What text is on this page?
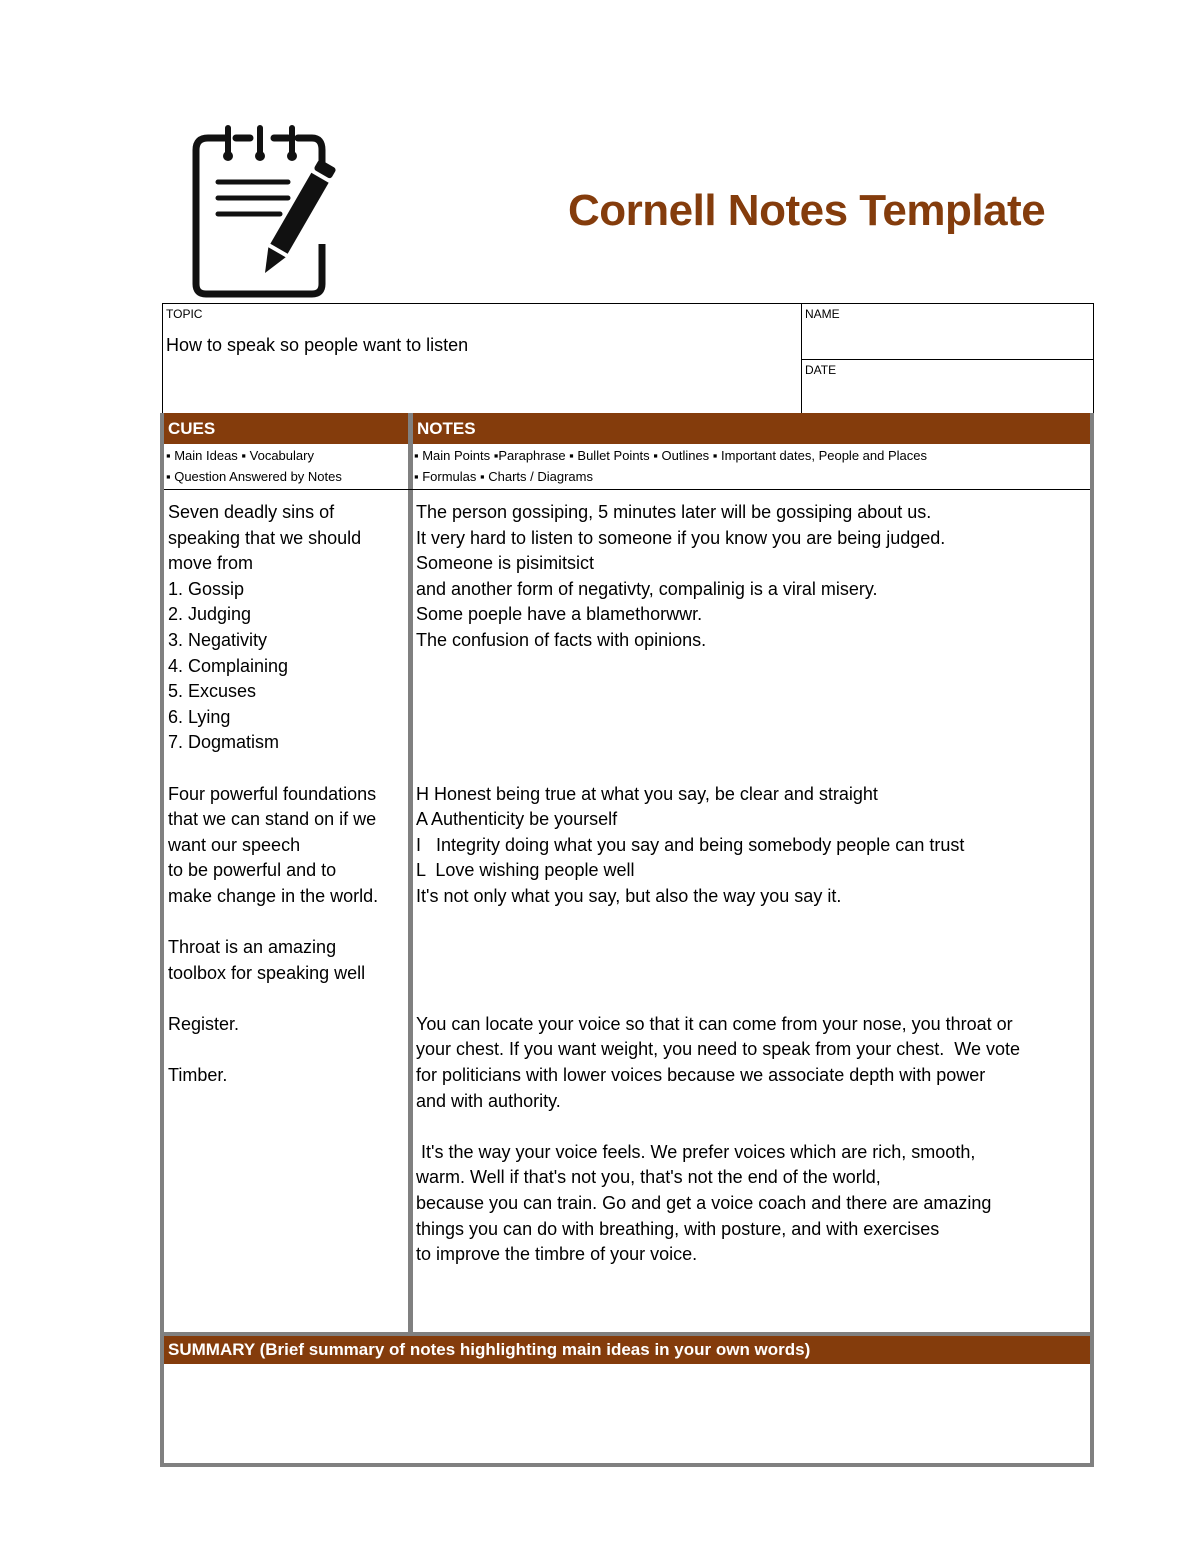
Cornell Notes Template
TOPIC
How to speak so people want to listen
NAME
DATE
CUES	NOTES
▪ Main Ideas ▪ Vocabulary
▪ Question Answered by Notes
▪ Main Points ▪Paraphrase ▪ Bullet Points ▪ Outlines ▪ Important dates, People and Places
▪ Formulas ▪ Charts / Diagrams
Seven deadly sins of
speaking that we should
move from
1. Gossip
2. Judging
3. Negativity
4. Complaining
5. Excuses
6. Lying
7. Dogmatism
Four powerful foundations
that we can stand on if we
want our speech
to be powerful and to
make change in the world.
Throat is an amazing
toolbox for speaking well
Register.
Timber.
The person gossiping, 5 minutes later will be gossiping about us.
It very hard to listen to someone if you know you are being judged.
Someone is pisimitsict
and another form of negativty, compalinig is a viral misery.
Some poeple have a blamethorwwr.
The confusion of facts with opinions.
H Honest being true at what you say, be clear and straight
A Authenticity be yourself
I   Integrity doing what you say and being somebody people can trust
L  Love wishing people well
It's not only what you say, but also the way you say it.
You can locate your voice so that it can come from your nose, you throat or
your chest. If you want weight, you need to speak from your chest.  We vote
for politicians with lower voices because we associate depth with power
and with authority.
It's the way your voice feels. We prefer voices which are rich, smooth,
warm. Well if that's not you, that's not the end of the world,
because you can train. Go and get a voice coach and there are amazing
things you can do with breathing, with posture, and with exercises
to improve the timbre of your voice.
SUMMARY (Brief summary of notes highlighting main ideas in your own words)
